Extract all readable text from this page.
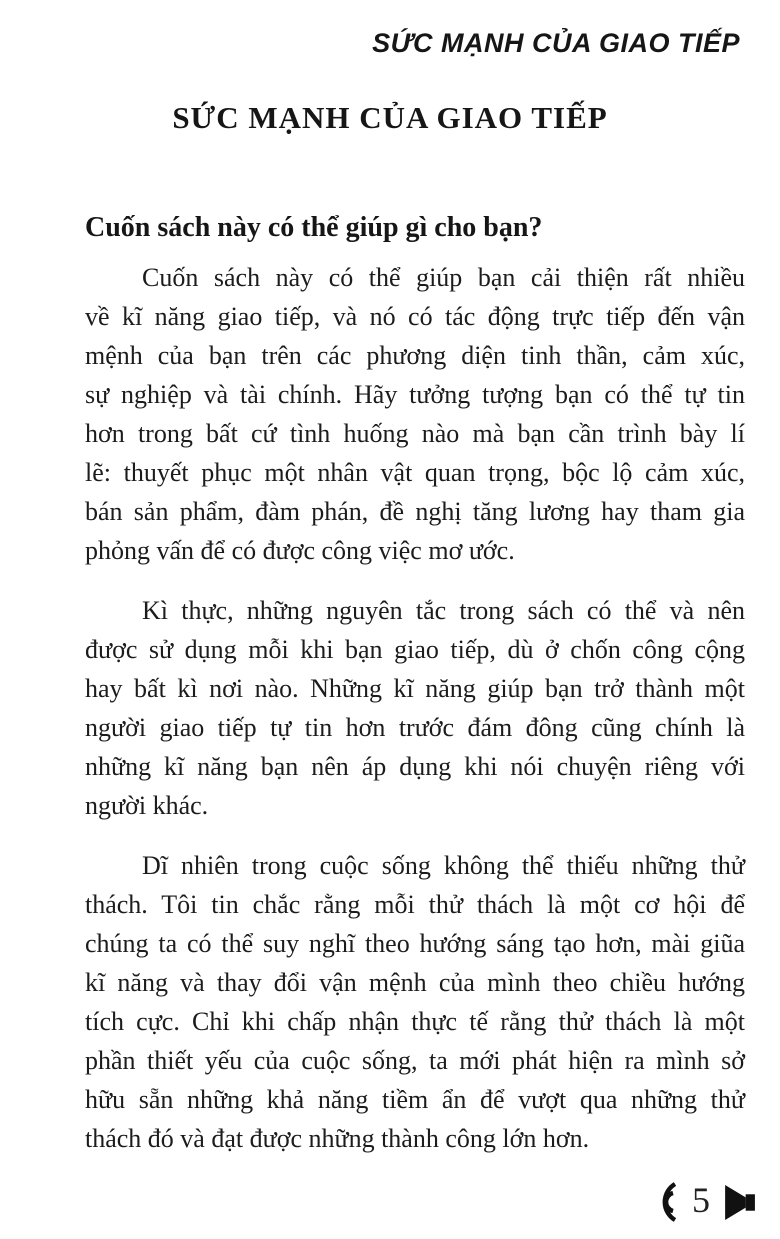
SỨC MẠNH CỦA GIAO TIẾP
SỨC MẠNH CỦA GIAO TIẾP
Cuốn sách này có thể giúp gì cho bạn?

Cuốn sách này có thể giúp bạn cải thiện rất nhiều
về kĩ năng giao tiếp, và nó có tác động trực tiếp đến vận
mệnh của bạn trên các phương diện tinh thần, cảm xúc,
sự nghiệp và tài chính. Hãy tưởng tượng bạn có thể tự tin
hơn trong bất cứ tình huống nào mà bạn cần trình bày lí
lẽ: thuyết phục một nhân vật quan trọng, bộc lộ cảm xúc,
bán sản phẩm, đàm phán, đề nghị tăng lương hay tham gia
phỏng vấn để có được công việc mơ ước.

Kì thực, những nguyên tắc trong sách có thể và nên
được sử dụng mỗi khi bạn giao tiếp, dù ở chốn công cộng
hay bất kì nơi nào. Những kĩ năng giúp bạn trở thành một
người giao tiếp tự tin hơn trước đám đông cũng chính là
những kĩ năng bạn nên áp dụng khi nói chuyện riêng với
người khác.

Dĩ nhiên trong cuộc sống không thể thiếu những thử
thách. Tôi tin chắc rằng mỗi thử thách là một cơ hội để
chúng ta có thể suy nghĩ theo hướng sáng tạo hơn, mài giũa
kĩ năng và thay đổi vận mệnh của mình theo chiều hướng
tích cực. Chỉ khi chấp nhận thực tế rằng thử thách là một
phần thiết yếu của cuộc sống, ta mới phát hiện ra mình sở
hữu sẵn những khả năng tiềm ẩn để vượt qua những thử
thách đó và đạt được những thành công lớn hơn.

5
